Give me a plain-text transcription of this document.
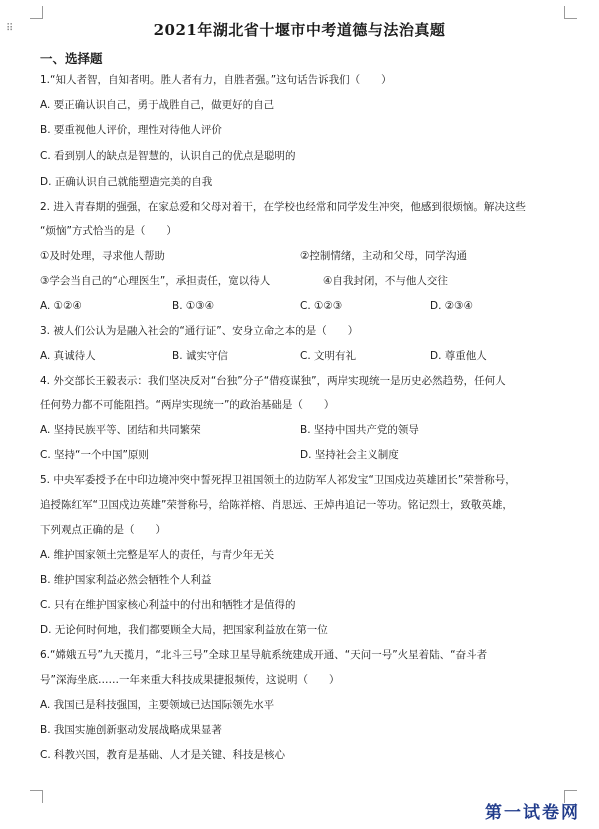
⠿	2021年湖北省十堰市中考道德与法治真题
一、选择题
1.“知人者智，自知者明。胜人者有力，自胜者强。”这句话告诉我们（　　）
A. 要正确认识自己，勇于战胜自己，做更好的自己
B. 要重视他人评价，理性对待他人评价
C. 看到别人的缺点是智慧的，认识自己的优点是聪明的
D. 正确认识自己就能塑造完美的自我
2. 进入青春期的强强，在家总爱和父母对着干，在学校也经常和同学发生冲突，他感到很烦恼。解决这些
“烦恼”方式恰当的是（　　）
①及时处理，寻求他人帮助	②控制情绪，主动和父母，同学沟通
③学会当自己的“心理医生”，承担责任，宽以待人	④自我封闭，不与他人交往
A. ①②④	B. ①③④	C. ①②③	D. ②③④
3. 被人们公认为是融入社会的“通行证”、安身立命之本的是（　　）
A. 真诚待人	B. 诚实守信	C. 文明有礼	D. 尊重他人
4. 外交部长王毅表示：我们坚决反对“台独”分子“借疫谋独”，两岸实现统一是历史必然趋势，任何人
任何势力都不可能阻挡。“两岸实现统一”的政治基础是（　　）
A. 坚持民族平等、团结和共同繁荣	B. 坚持中国共产党的领导
C. 坚持“一个中国”原则	D. 坚持社会主义制度
5. 中央军委授予在中印边境冲突中誓死捍卫祖国领土的边防军人祁发宝“卫国戍边英雄团长”荣誉称号，
追授陈红军“卫国戍边英雄”荣誉称号，给陈祥榕、肖思远、王焯冉追记一等功。铭记烈士，致敬英雄，
下列观点正确的是（　　）
A. 维护国家领土完整是军人的责任，与青少年无关
B. 维护国家利益必然会牺牲个人利益
C. 只有在维护国家核心利益中的付出和牺牲才是值得的
D. 无论何时何地，我们都要顾全大局，把国家利益放在第一位
6.“嫦娥五号”九天揽月，“北斗三号”全球卫星导航系统建成开通、“天问一号”火星着陆、“奋斗者
号”深海坐底……一年来重大科技成果捷报频传，这说明（　　）
A. 我国已是科技强国，主要领域已达国际领先水平
B. 我国实施创新驱动发展战略成果显著
C. 科教兴国，教育是基础、人才是关键、科技是核心
第一试卷网
